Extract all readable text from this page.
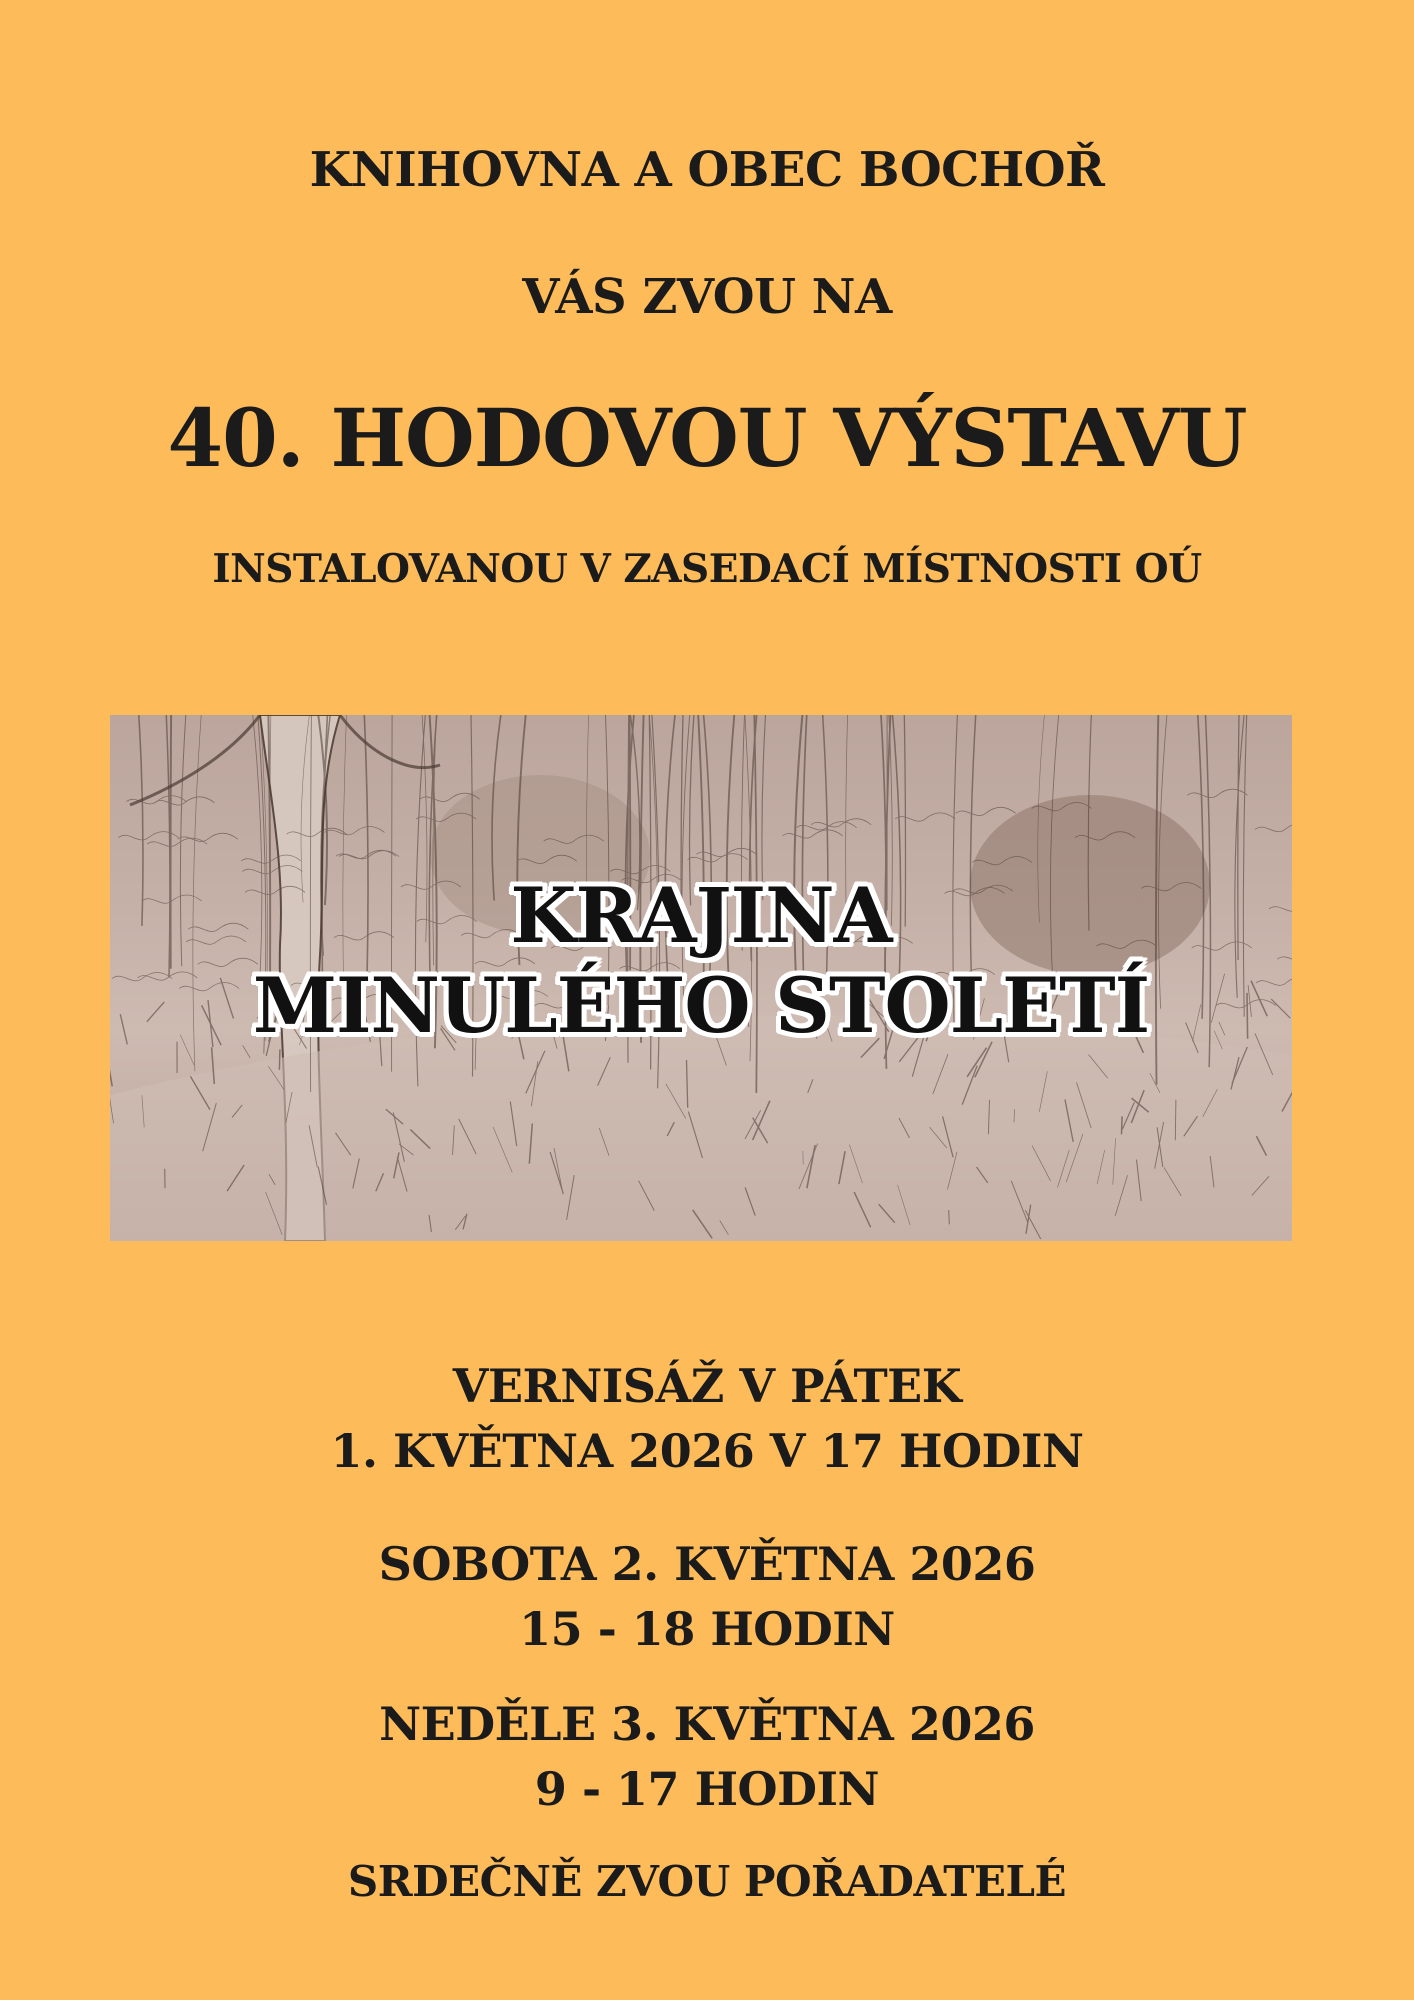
KNIHOVNA A OBEC BOCHOŘ
VÁS ZVOU NA
40. HODOVOU VÝSTAVU
INSTALOVANOU V ZASEDACÍ MÍSTNOSTI OÚ
KRAJINA
MINULÉHO STOLETÍ
VERNISÁŽ V PÁTEK
1. KVĚTNA 2026 V 17 HODIN
SOBOTA 2. KVĚTNA 2026
15 - 18 HODIN
NEDĚLE 3. KVĚTNA 2026
9 - 17 HODIN
SRDEČNĚ ZVOU POŘADATELÉ
